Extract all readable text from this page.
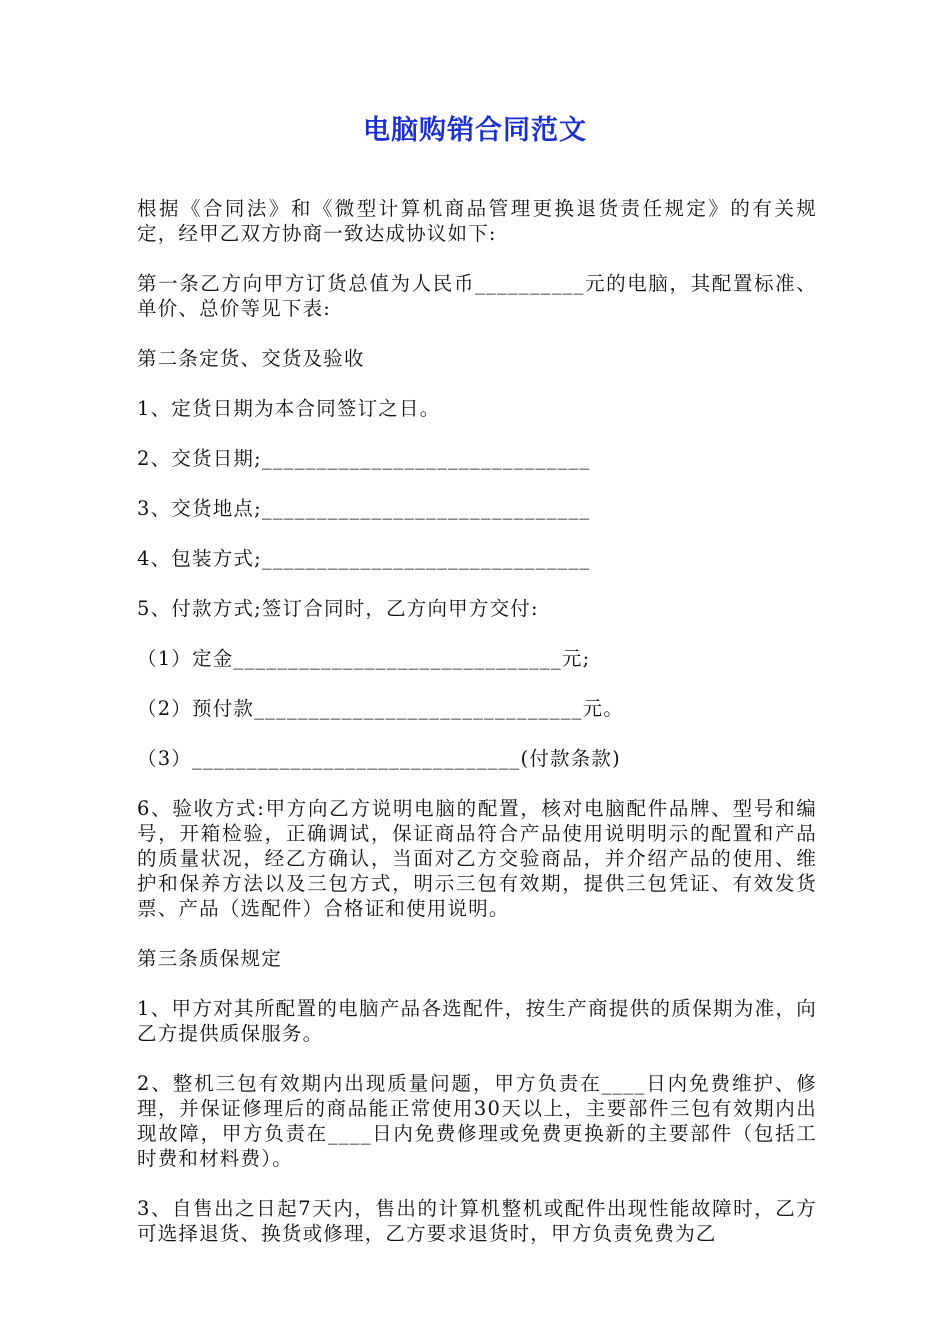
电脑购销合同范文

根据《合同法》和《微型计算机商品管理更换退货责任规定》的有关规定，经甲乙双方协商一致达成协议如下:

第一条乙方向甲方订货总值为人民币__________元的电脑，其配置标准、单价、总价等见下表:

第二条定货、交货及验收

1、定货日期为本合同签订之日。

2、交货日期;______________________________

3、交货地点;______________________________

4、包装方式;______________________________

5、付款方式;签订合同时，乙方向甲方交付:

（1）定金______________________________元;

（2）预付款______________________________元。

（3）______________________________(付款条款)

6、验收方式:甲方向乙方说明电脑的配置，核对电脑配件品牌、型号和编号，开箱检验，正确调试，保证商品符合产品使用说明明示的配置和产品的质量状况，经乙方确认，当面对乙方交验商品，并介绍产品的使用、维护和保养方法以及三包方式，明示三包有效期，提供三包凭证、有效发货票、产品（选配件）合格证和使用说明。

第三条质保规定

1、甲方对其所配置的电脑产品各选配件，按生产商提供的质保期为准，向乙方提供质保服务。

2、整机三包有效期内出现质量问题，甲方负责在____日内免费维护、修理，并保证修理后的商品能正常使用30天以上，主要部件三包有效期内出现故障，甲方负责在____日内免费修理或免费更换新的主要部件（包括工时费和材料费）。

3、自售出之日起7天内，售出的计算机整机或配件出现性能故障时，乙方可选择退货、换货或修理，乙方要求退货时，甲方负责免费为乙
